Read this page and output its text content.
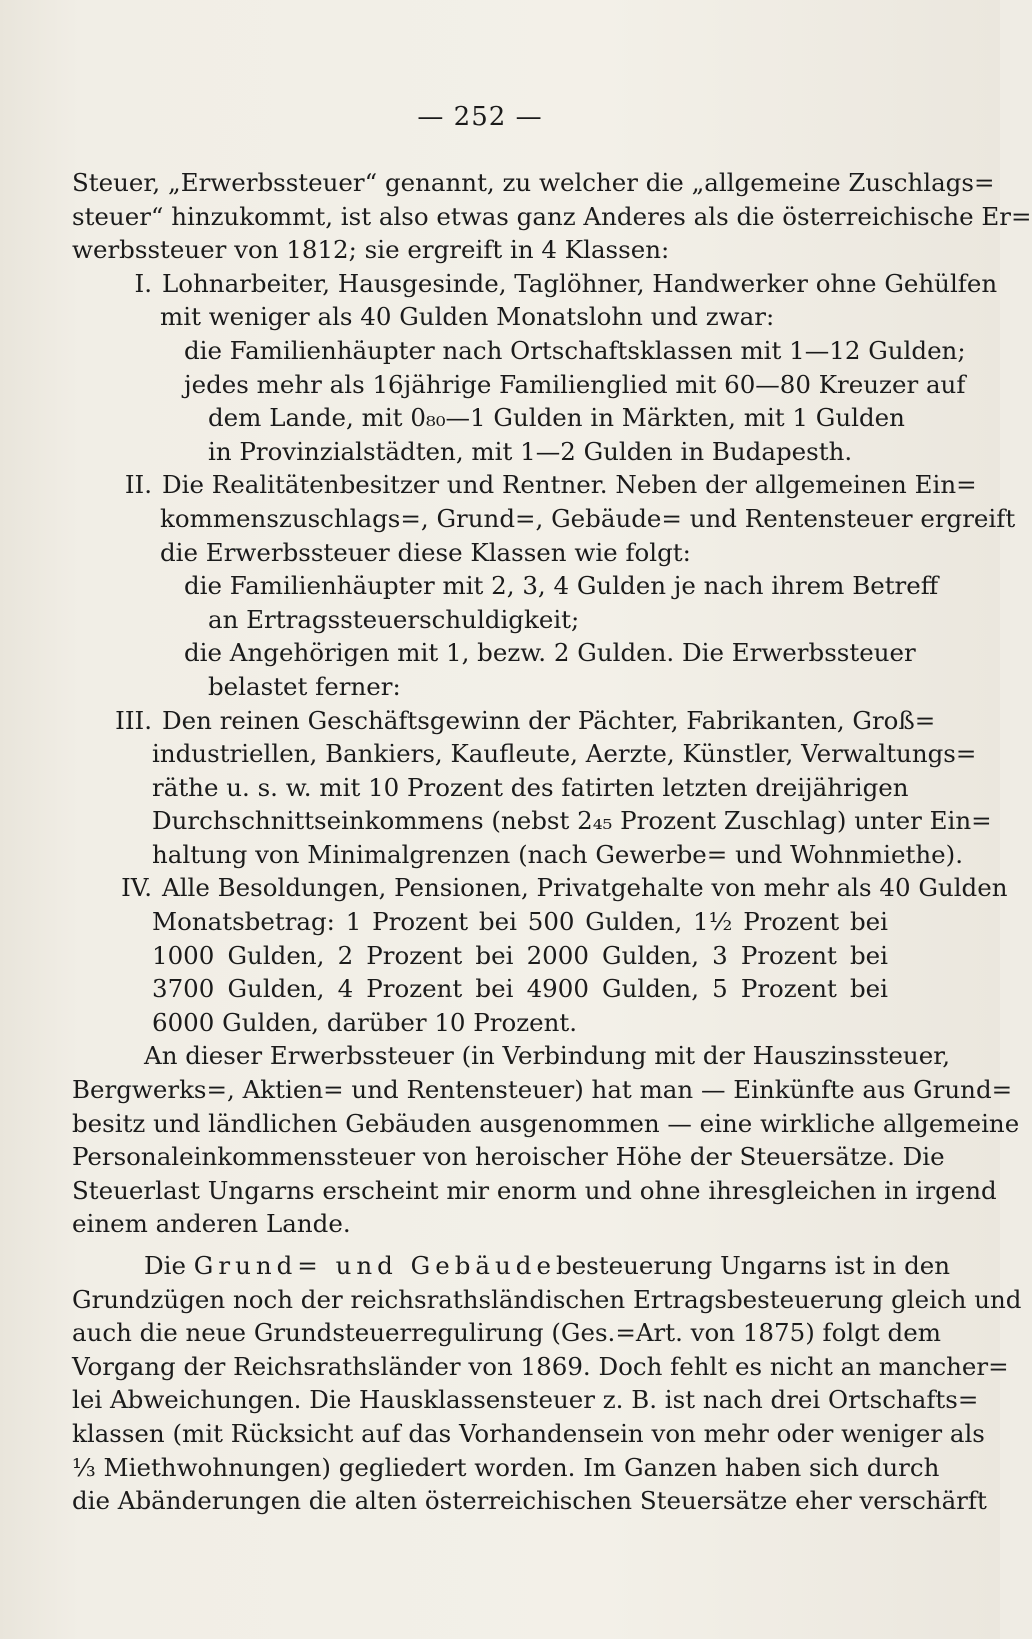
— 252 —
Steuer, „Erwerbssteuer“ genannt, zu welcher die „allgemeine Zuschlags=
steuer“ hinzukommt, ist also etwas ganz Anderes als die österreichische Er=
werbssteuer von 1812; sie ergreift in 4 Klassen:
I. Lohnarbeiter, Hausgesinde, Taglöhner, Handwerker ohne Gehülfen
mit weniger als 40 Gulden Monatslohn und zwar:
die Familienhäupter nach Ortschaftsklassen mit 1—12 Gulden;
jedes mehr als 16jährige Familienglied mit 60—80 Kreuzer auf
dem Lande, mit 0₈₀—1 Gulden in Märkten, mit 1 Gulden
in Provinzialstädten, mit 1—2 Gulden in Budapesth.
II. Die Realitätenbesitzer und Rentner. Neben der allgemeinen Ein=
kommenszuschlags=, Grund=, Gebäude= und Rentensteuer ergreift
die Erwerbssteuer diese Klassen wie folgt:
die Familienhäupter mit 2, 3, 4 Gulden je nach ihrem Betreff
an Ertragssteuerschuldigkeit;
die Angehörigen mit 1, bezw. 2 Gulden. Die Erwerbssteuer
belastet ferner:
III. Den reinen Geschäftsgewinn der Pächter, Fabrikanten, Groß=
industriellen, Bankiers, Kaufleute, Aerzte, Künstler, Verwaltungs=
räthe u. s. w. mit 10 Prozent des fatirten letzten dreijährigen
Durchschnittseinkommens (nebst 2₄₅ Prozent Zuschlag) unter Ein=
haltung von Minimalgrenzen (nach Gewerbe= und Wohnmiethe).
IV. Alle Besoldungen, Pensionen, Privatgehalte von mehr als 40 Gulden
Monatsbetrag: 1 Prozent bei 500 Gulden, 1½ Prozent bei
1000 Gulden, 2 Prozent bei 2000 Gulden, 3 Prozent bei
3700 Gulden, 4 Prozent bei 4900 Gulden, 5 Prozent bei
6000 Gulden, darüber 10 Prozent.
An dieser Erwerbssteuer (in Verbindung mit der Hauszinssteuer,
Bergwerks=, Aktien= und Rentensteuer) hat man — Einkünfte aus Grund=
besitz und ländlichen Gebäuden ausgenommen — eine wirkliche allgemeine
Personaleinkommenssteuer von heroischer Höhe der Steuersätze. Die
Steuerlast Ungarns erscheint mir enorm und ohne ihresgleichen in irgend
einem anderen Lande.
Die Grund= und Gebäudebesteuerung Ungarns ist in den
Grundzügen noch der reichsrathsländischen Ertragsbesteuerung gleich und
auch die neue Grundsteuerregulirung (Ges.=Art. von 1875) folgt dem
Vorgang der Reichsrathsländer von 1869. Doch fehlt es nicht an mancher=
lei Abweichungen. Die Hausklassensteuer z. B. ist nach drei Ortschafts=
klassen (mit Rücksicht auf das Vorhandensein von mehr oder weniger als
⅓ Miethwohnungen) gegliedert worden. Im Ganzen haben sich durch
die Abänderungen die alten österreichischen Steuersätze eher verschärft
